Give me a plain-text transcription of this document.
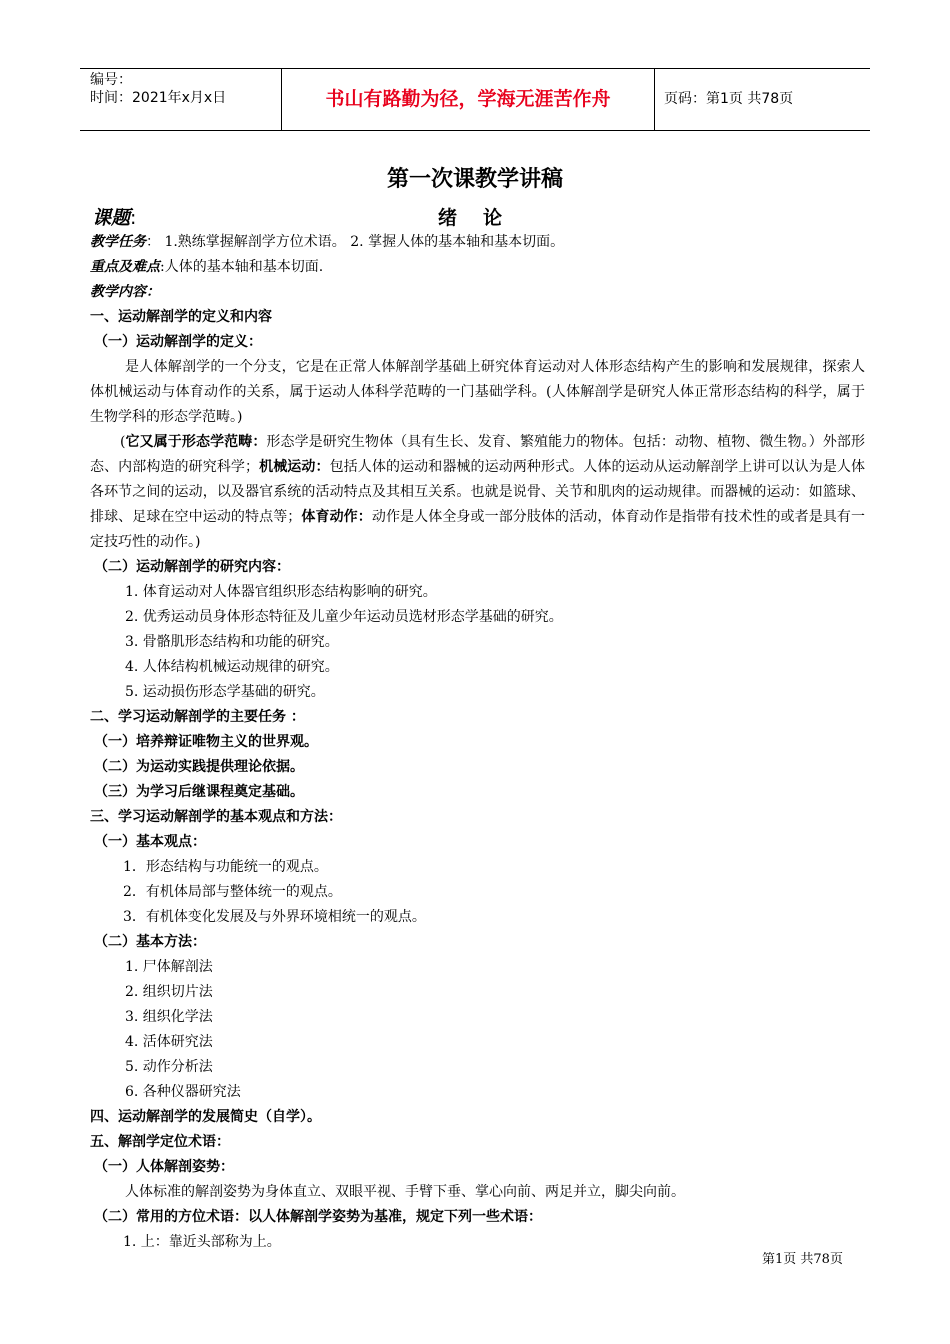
编号：
时间：2021年x月x日	书山有路勤为径，学海无涯苦作舟	页码：第1页 共78页
第一次课教学讲稿
课题:	绪论
教学任务： 1.熟练掌握解剖学方位术语。 2. 掌握人体的基本轴和基本切面。
重点及难点:人体的基本轴和基本切面.
教学内容：
一、运动解剖学的定义和内容
（一）运动解剖学的定义：
是人体解剖学的一个分支，它是在正常人体解剖学基础上研究体育运动对人体形态结构产生的影响和发展规律，探索人体机械运动与体育动作的关系，属于运动人体科学范畴的一门基础学科。(人体解剖学是研究人体正常形态结构的科学，属于生物学科的形态学范畴。)
(它又属于形态学范畴：形态学是研究生物体（具有生长、发育、繁殖能力的物体。包括：动物、植物、微生物。）外部形态、内部构造的研究科学；机械运动：包括人体的运动和器械的运动两种形式。人体的运动从运动解剖学上讲可以认为是人体各环节之间的运动，以及器官系统的活动特点及其相互关系。也就是说骨、关节和肌肉的运动规律。而器械的运动：如篮球、排球、足球在空中运动的特点等；体育动作：动作是人体全身或一部分肢体的活动，体育动作是指带有技术性的或者是具有一定技巧性的动作。)
（二）运动解剖学的研究内容：
1. 体育运动对人体器官组织形态结构影响的研究。
2. 优秀运动员身体形态特征及儿童少年运动员选材形态学基础的研究。
3. 骨骼肌形态结构和功能的研究。
4. 人体结构机械运动规律的研究。
5. 运动损伤形态学基础的研究。
二、学习运动解剖学的主要任务 ：
（一）培养辩证唯物主义的世界观。
（二）为运动实践提供理论依据。
（三）为学习后继课程奠定基础。
三、学习运动解剖学的基本观点和方法：
（一）基本观点：
1．形态结构与功能统一的观点。
2．有机体局部与整体统一的观点。
3．有机体变化发展及与外界环境相统一的观点。
（二）基本方法：
1. 尸体解剖法
2. 组织切片法
3. 组织化学法
4. 活体研究法
5. 动作分析法
6. 各种仪器研究法
四、运动解剖学的发展简史（自学）。
五、解剖学定位术语：
（一）人体解剖姿势：
人体标准的解剖姿势为身体直立、双眼平视、手臂下垂、掌心向前、两足并立，脚尖向前。
（二）常用的方位术语：以人体解剖学姿势为基准，规定下列一些术语：
1. 上：靠近头部称为上。
第1页 共78页
